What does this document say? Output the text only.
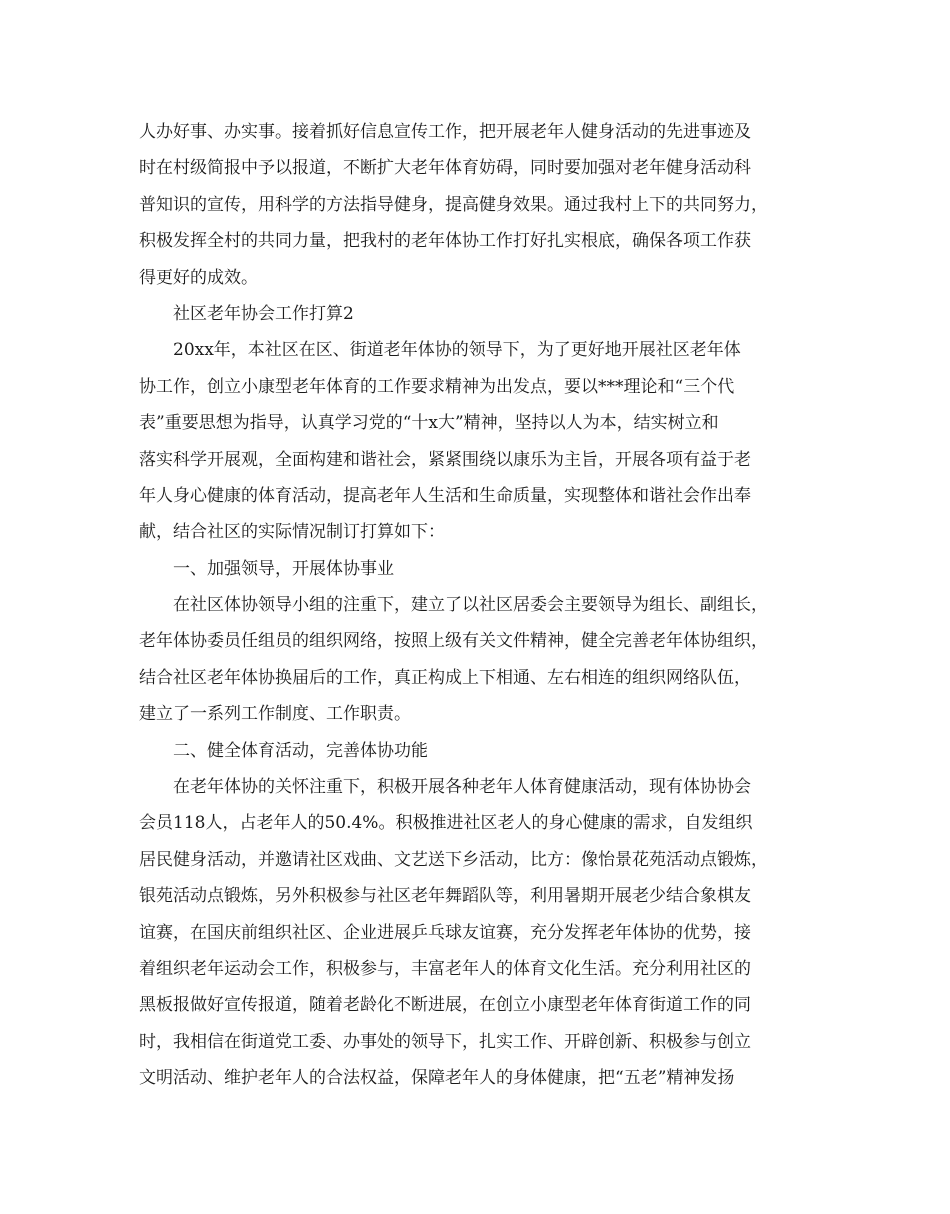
人办好事、办实事。接着抓好信息宣传工作，把开展老年人健身活动的先进事迹及
时在村级简报中予以报道，不断扩大老年体育妨碍，同时要加强对老年健身活动科
普知识的宣传，用科学的方法指导健身，提高健身效果。通过我村上下的共同努力，
积极发挥全村的共同力量，把我村的老年体协工作打好扎实根底，确保各项工作获
得更好的成效。
社区老年协会工作打算2
20xx年，本社区在区、街道老年体协的领导下，为了更好地开展社区老年体
协工作，创立小康型老年体育的工作要求精神为出发点，要以***理论和“三个代
表”重要思想为指导，认真学习党的“十x大”精神，坚持以人为本，结实树立和
落实科学开展观，全面构建和谐社会，紧紧围绕以康乐为主旨，开展各项有益于老
年人身心健康的体育活动，提高老年人生活和生命质量，实现整体和谐社会作出奉
献，结合社区的实际情况制订打算如下：
一、加强领导，开展体协事业
在社区体协领导小组的注重下，建立了以社区居委会主要领导为组长、副组长，
老年体协委员任组员的组织网络，按照上级有关文件精神，健全完善老年体协组织，
结合社区老年体协换届后的工作，真正构成上下相通、左右相连的组织网络队伍，
建立了一系列工作制度、工作职责。
二、健全体育活动，完善体协功能
在老年体协的关怀注重下，积极开展各种老年人体育健康活动，现有体协协会
会员118人，占老年人的50.4%。积极推进社区老人的身心健康的需求，自发组织
居民健身活动，并邀请社区戏曲、文艺送下乡活动，比方：像怡景花苑活动点锻炼，
银苑活动点锻炼，另外积极参与社区老年舞蹈队等，利用暑期开展老少结合象棋友
谊赛，在国庆前组织社区、企业进展乒乓球友谊赛，充分发挥老年体协的优势，接
着组织老年运动会工作，积极参与，丰富老年人的体育文化生活。充分利用社区的
黑板报做好宣传报道，随着老龄化不断进展，在创立小康型老年体育街道工作的同
时，我相信在街道党工委、办事处的领导下，扎实工作、开辟创新、积极参与创立
文明活动、维护老年人的合法权益，保障老年人的身体健康，把“五老”精神发扬
